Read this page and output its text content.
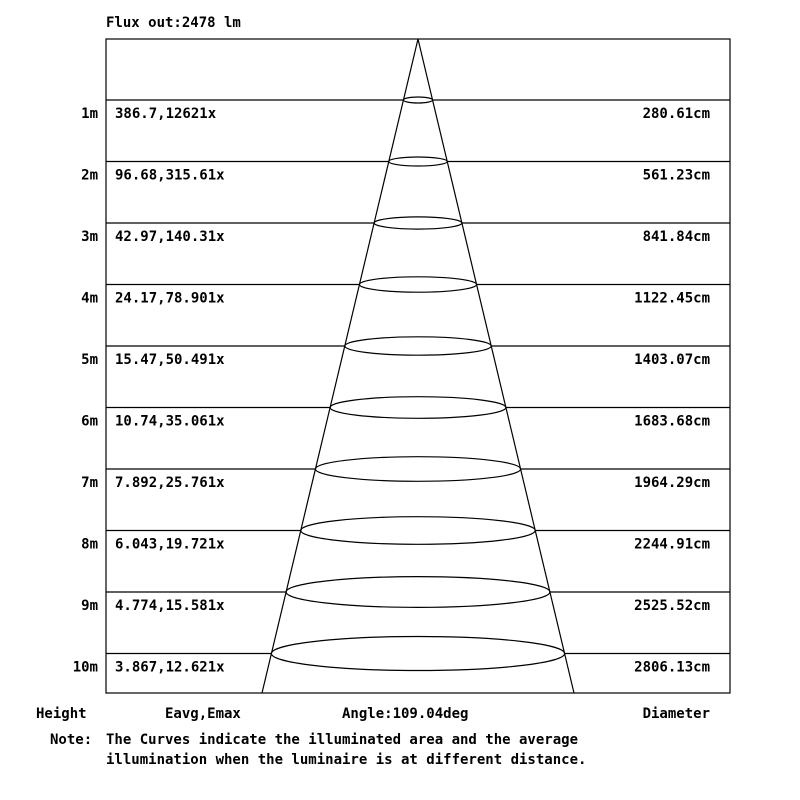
Flux out:2478 lm
1m 386.7,12621x	280.61cm
2m 96.68,315.61x	561.23cm
3m 42.97,140.31x	841.84cm
4m 24.17,78.901x	1122.45cm
5m 15.47,50.491x	1403.07cm
6m 10.74,35.061x	1683.68cm
7m 7.892,25.761x	1964.29cm
8m 6.043,19.721x	2244.91cm
9m 4.774,15.581x	2525.52cm
10m 3.867,12.621x	2806.13cm
Height	Eavg,Emax	Angle:109.04deg	Diameter
Note: The Curves indicate the illuminated area and the average
illumination when the luminaire is at different distance.
